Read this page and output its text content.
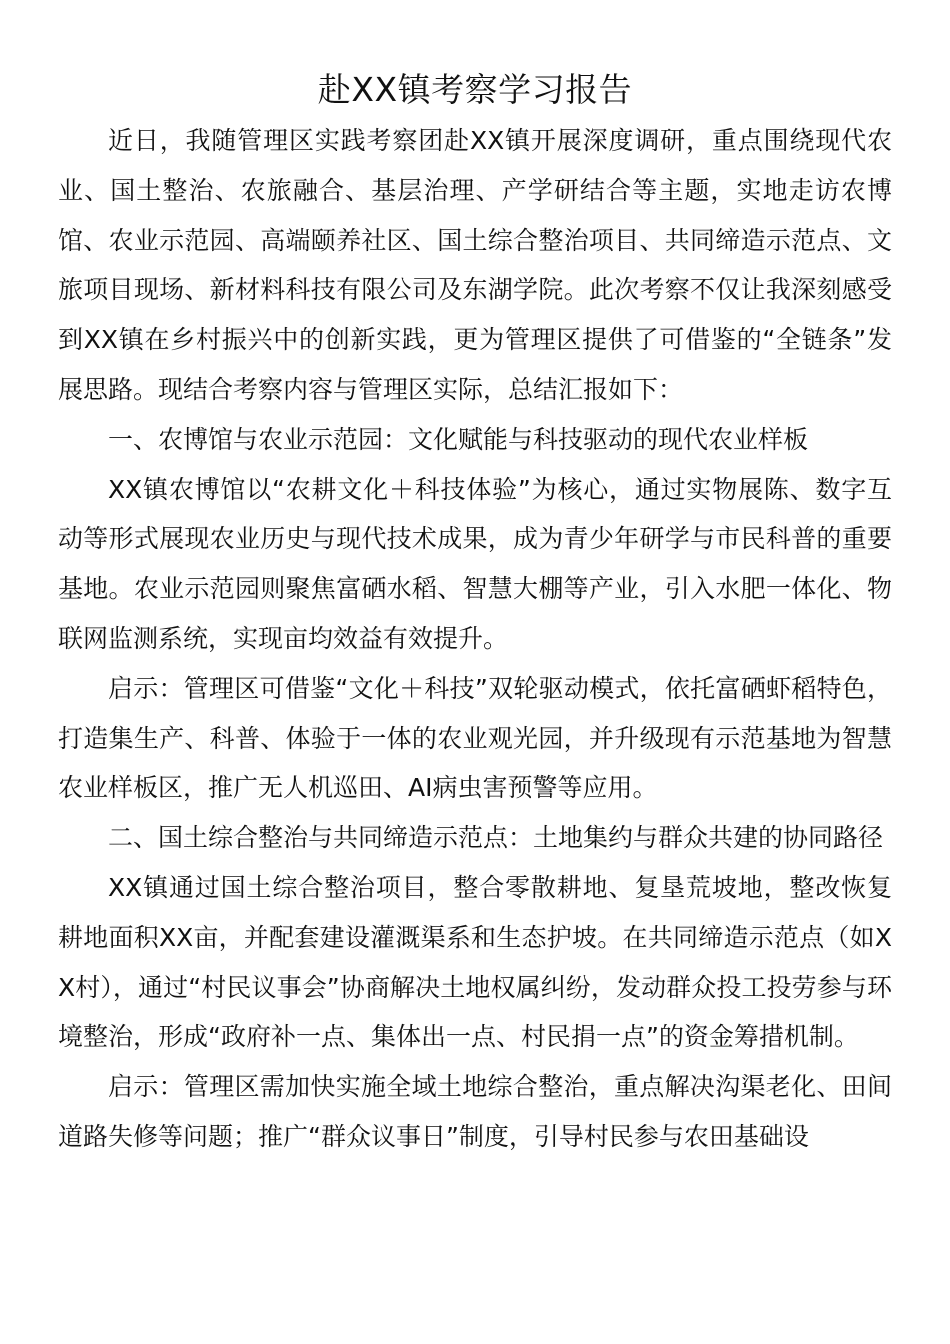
赴XX镇考察学习报告

近日，我随管理区实践考察团赴XX镇开展深度调研，重点围绕现代农业、国土整治、农旅融合、基层治理、产学研结合等主题，实地走访农博馆、农业示范园、高端颐养社区、国土综合整治项目、共同缔造示范点、文旅项目现场、新材料科技有限公司及东湖学院。此次考察不仅让我深刻感受到XX镇在乡村振兴中的创新实践，更为管理区提供了可借鉴的“全链条”发展思路。现结合考察内容与管理区实际，总结汇报如下：

一、农博馆与农业示范园：文化赋能与科技驱动的现代农业样板

XX镇农博馆以“农耕文化＋科技体验”为核心，通过实物展陈、数字互动等形式展现农业历史与现代技术成果，成为青少年研学与市民科普的重要基地。农业示范园则聚焦富硒水稻、智慧大棚等产业，引入水肥一体化、物联网监测系统，实现亩均效益有效提升。

启示：管理区可借鉴“文化＋科技”双轮驱动模式，依托富硒虾稻特色，打造集生产、科普、体验于一体的农业观光园，并升级现有示范基地为智慧农业样板区，推广无人机巡田、AI病虫害预警等应用。

二、国土综合整治与共同缔造示范点：土地集约与群众共建的协同路径

XX镇通过国土综合整治项目，整合零散耕地、复垦荒坡地，整改恢复耕地面积XX亩，并配套建设灌溉渠系和生态护坡。在共同缔造示范点（如XX村），通过“村民议事会”协商解决土地权属纠纷，发动群众投工投劳参与环境整治，形成“政府补一点、集体出一点、村民捐一点”的资金筹措机制。

启示：管理区需加快实施全域土地综合整治，重点解决沟渠老化、田间道路失修等问题；推广“群众议事日”制度，引导村民参与农田基础设
